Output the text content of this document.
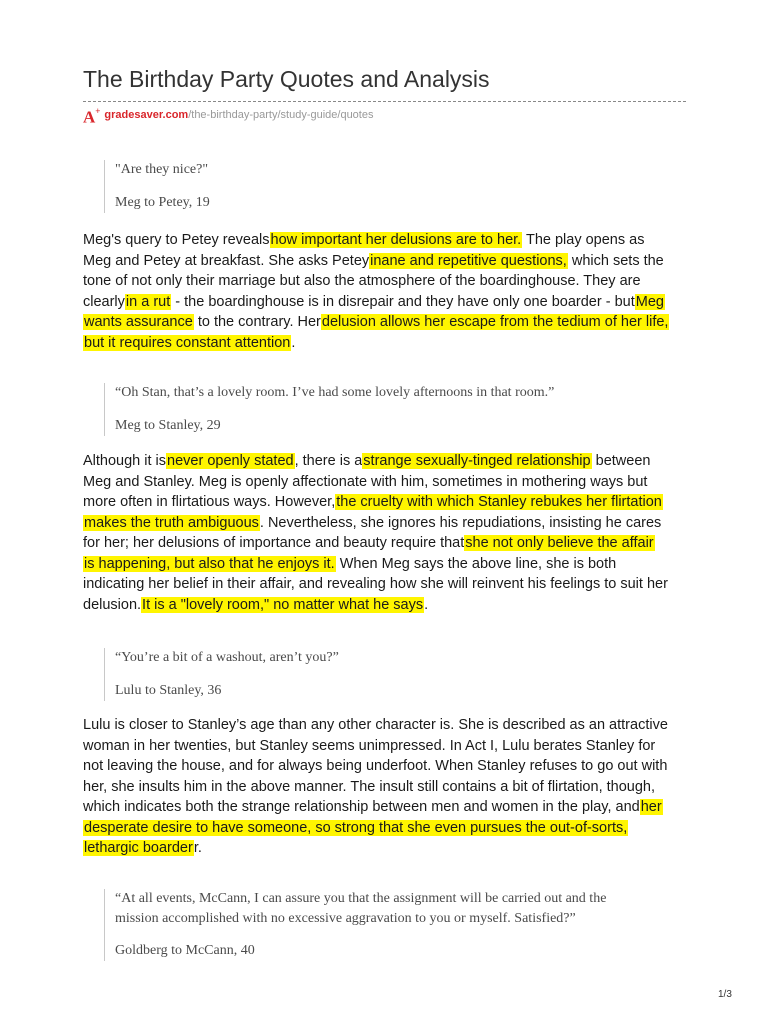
The Birthday Party Quotes and Analysis
A+ gradesaver.com /the-birthday-party/study-guide/quotes

"Are they nice?"

Meg to Petey, 19

Meg's query to Petey revealshow important her delusions are to her. The play opens as
Meg and Petey at breakfast. She asks Peteyinane and repetitive questions, which sets the
tone of not only their marriage but also the atmosphere of the boardinghouse. They are
clearlyin a rut - the boardinghouse is in disrepair and they have only one boarder - butMeg
wants assurance to the contrary. Herdelusion allows her escape from the tedium of her life,
but it requires constant attention.

“Oh Stan, that’s a lovely room. I’ve had some lovely afternoons in that room.”

Meg to Stanley, 29

Although it isnever openly stated, there is astrange sexually-tinged relationship between
Meg and Stanley. Meg is openly affectionate with him, sometimes in mothering ways but
more often in flirtatious ways. However,the cruelty with which Stanley rebukes her flirtation
makes the truth ambiguous. Nevertheless, she ignores his repudiations, insisting he cares
for her; her delusions of importance and beauty require thatshe not only believe the affair
is happening, but also that he enjoys it. When Meg says the above line, she is both
indicating her belief in their affair, and revealing how she will reinvent his feelings to suit her
delusion.It is a "lovely room," no matter what he says.

“You’re a bit of a washout, aren’t you?”

Lulu to Stanley, 36

Lulu is closer to Stanley’s age than any other character is. She is described as an attractive
woman in her twenties, but Stanley seems unimpressed. In Act I, Lulu berates Stanley for
not leaving the house, and for always being underfoot. When Stanley refuses to go out with
her, she insults him in the above manner. The insult still contains a bit of flirtation, though,
which indicates both the strange relationship between men and women in the play, andher
desperate desire to have someone, so strong that she even pursues the out-of-sorts,
lethargic boarderr.

“At all events, McCann, I can assure you that the assignment will be carried out and the

mission accomplished with no excessive aggravation to you or myself. Satisfied?”

Goldberg to McCann, 40

1/3
